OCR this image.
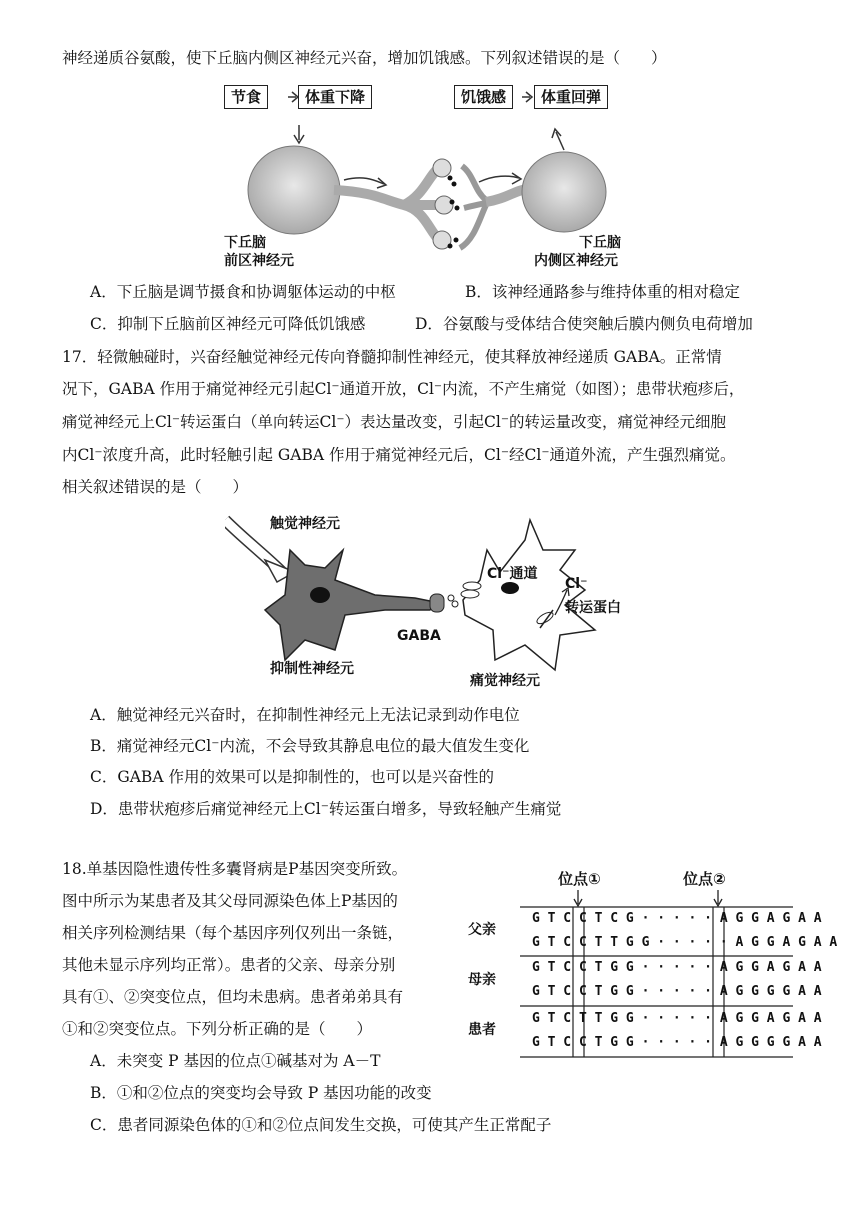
神经递质谷氨酸，使下丘脑内侧区神经元兴奋，增加饥饿感。下列叙述错误的是（　　）
节食	体重下降	饥饿感	体重回弹
下丘脑
前区神经元
下丘脑
内侧区神经元
A．下丘脑是调节摄食和协调躯体运动的中枢	B．该神经通路参与维持体重的相对稳定
C．抑制下丘脑前区神经元可降低饥饿感	D．谷氨酸与受体结合使突触后膜内侧负电荷增加
17．轻微触碰时，兴奋经触觉神经元传向脊髓抑制性神经元，使其释放神经递质 GABA。正常情
况下，GABA 作用于痛觉神经元引起Cl⁻通道开放，Cl⁻内流，不产生痛觉（如图）；患带状疱疹后，
痛觉神经元上Cl⁻转运蛋白（单向转运Cl⁻）表达量改变，引起Cl⁻的转运量改变，痛觉神经元细胞
内Cl⁻浓度升高，此时轻触引起 GABA 作用于痛觉神经元后，Cl⁻经Cl⁻通道外流，产生强烈痛觉。
相关叙述错误的是（　　）
触觉神经元
Cl⁻通道
Cl⁻
转运蛋白
GABA
抑制性神经元
痛觉神经元
A．触觉神经元兴奋时，在抑制性神经元上无法记录到动作电位
B．痛觉神经元Cl⁻内流，不会导致其静息电位的最大值发生变化
C．GABA 作用的效果可以是抑制性的，也可以是兴奋性的
D．患带状疱疹后痛觉神经元上Cl⁻转运蛋白增多，导致轻触产生痛觉
18.单基因隐性遗传性多囊肾病是P基因突变所致。
图中所示为某患者及其父母同源染色体上P基因的
相关序列检测结果（每个基因序列仅列出一条链，
其他未显示序列均正常）。患者的父亲、母亲分别
具有①、②突变位点，但均未患病。患者弟弟具有
①和②突变位点。下列分析正确的是（　　）
位点①	位点②
父亲
母亲
患者
G T C C T C G · · · · · A G G A G A A
G T C C T T G G · · · · · A G G A G A A
G T C C T G G · · · · · A G G A G A A
G T C C T G G · · · · · A G G G G A A
G T C T T G G · · · · · A G G A G A A
G T C C T G G · · · · · A G G G G A A
A．未突变 P 基因的位点①碱基对为 A－T
B．①和②位点的突变均会导致 P 基因功能的改变
C．患者同源染色体的①和②位点间发生交换，可使其产生正常配子
